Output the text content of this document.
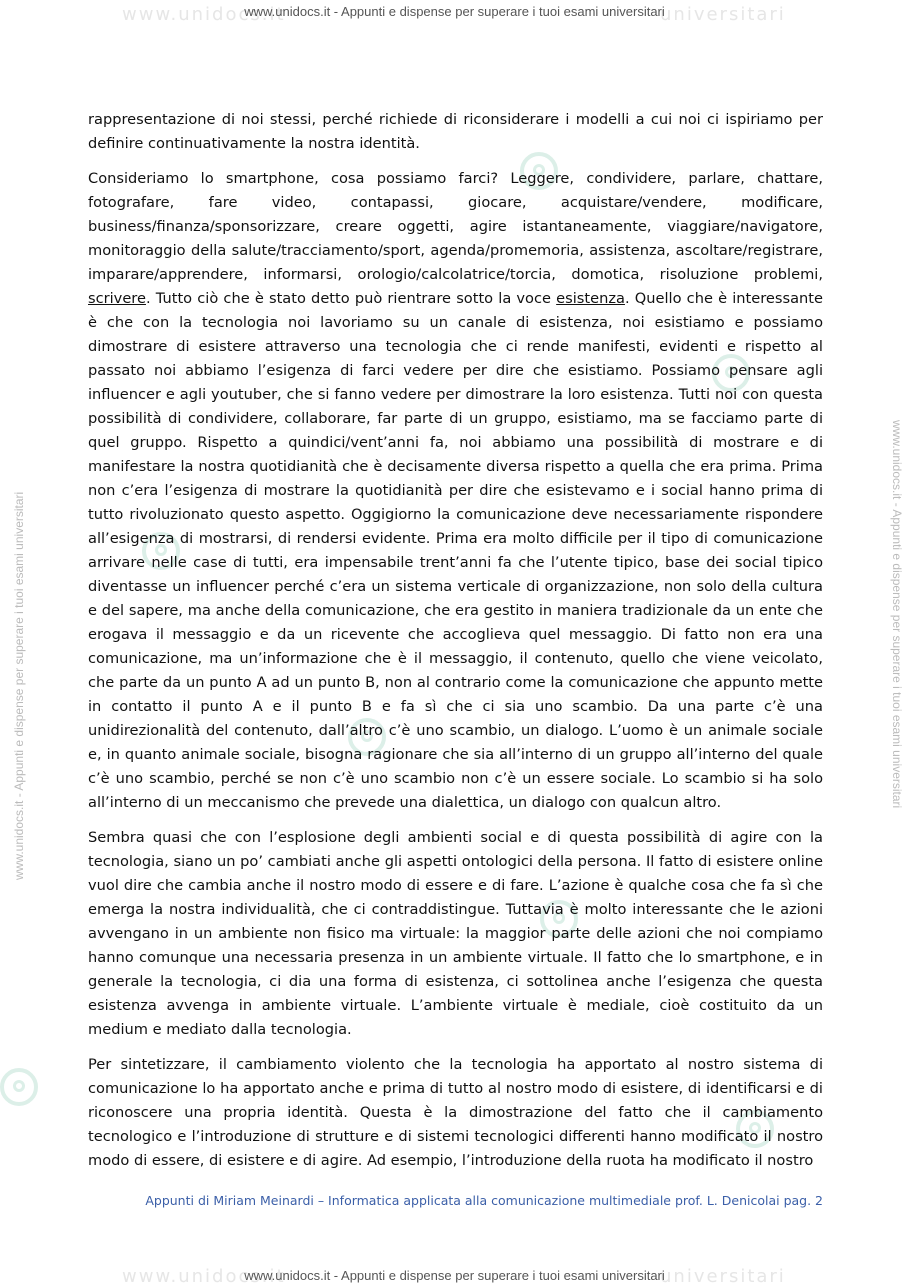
www.unidocs.it	universitari
www.unidocs.it - Appunti e dispense per superare i tuoi esami universitari
www.unidocs.it - Appunti e dispense per superare i tuoi esami universitari	www.unidocs.it - Appunti e dispense per superare i tuoi esami universitari

rappresentazione di noi stessi, perché richiede di riconsiderare i modelli a cui noi ci ispiriamo per definire continuativamente la nostra identità.

Consideriamo lo smartphone, cosa possiamo farci? Leggere, condividere, parlare, chattare, fotografare, fare video, contapassi, giocare, acquistare/vendere, modificare, business/finanza/sponsorizzare, creare oggetti, agire istantaneamente, viaggiare/navigatore, monitoraggio della salute/tracciamento/sport, agenda/promemoria, assistenza, ascoltare/registrare, imparare/apprendere, informarsi, orologio/calcolatrice/torcia, domotica, risoluzione problemi, scrivere. Tutto ciò che è stato detto può rientrare sotto la voce esistenza. Quello che è interessante è che con la tecnologia noi lavoriamo su un canale di esistenza, noi esistiamo e possiamo dimostrare di esistere attraverso una tecnologia che ci rende manifesti, evidenti e rispetto al passato noi abbiamo l’esigenza di farci vedere per dire che esistiamo. Possiamo pensare agli influencer e agli youtuber, che si fanno vedere per dimostrare la loro esistenza. Tutti noi con questa possibilità di condividere, collaborare, far parte di un gruppo, esistiamo, ma se facciamo parte di quel gruppo. Rispetto a quindici/vent’anni fa, noi abbiamo una possibilità di mostrare e di manifestare la nostra quotidianità che è decisamente diversa rispetto a quella che era prima. Prima non c’era l’esigenza di mostrare la quotidianità per dire che esistevamo e i social hanno prima di tutto rivoluzionato questo aspetto. Oggigiorno la comunicazione deve necessariamente rispondere all’esigenza di mostrarsi, di rendersi evidente. Prima era molto difficile per il tipo di comunicazione arrivare nelle case di tutti, era impensabile trent’anni fa che l’utente tipico, base dei social tipico diventasse un influencer perché c’era un sistema verticale di organizzazione, non solo della cultura e del sapere, ma anche della comunicazione, che era gestito in maniera tradizionale da un ente che erogava il messaggio e da un ricevente che accoglieva quel messaggio. Di fatto non era una comunicazione, ma un’informazione che è il messaggio, il contenuto, quello che viene veicolato, che parte da un punto A ad un punto B, non al contrario come la comunicazione che appunto mette in contatto il punto A e il punto B e fa sì che ci sia uno scambio. Da una parte c’è una unidirezionalità del contenuto, dall’altro c’è uno scambio, un dialogo. L’uomo è un animale sociale e, in quanto animale sociale, bisogna ragionare che sia all’interno di un gruppo all’interno del quale c’è uno scambio, perché se non c’è uno scambio non c’è un essere sociale. Lo scambio si ha solo all’interno di un meccanismo che prevede una dialettica, un dialogo con qualcun altro.

Sembra quasi che con l’esplosione degli ambienti social e di questa possibilità di agire con la tecnologia, siano un po’ cambiati anche gli aspetti ontologici della persona. Il fatto di esistere online vuol dire che cambia anche il nostro modo di essere e di fare. L’azione è qualche cosa che fa sì che emerga la nostra individualità, che ci contraddistingue. Tuttavia è molto interessante che le azioni avvengano in un ambiente non fisico ma virtuale: la maggior parte delle azioni che noi compiamo hanno comunque una necessaria presenza in un ambiente virtuale. Il fatto che lo smartphone, e in generale la tecnologia, ci dia una forma di esistenza, ci sottolinea anche l’esigenza che questa esistenza avvenga in ambiente virtuale. L’ambiente virtuale è mediale, cioè costituito da un medium e mediato dalla tecnologia.

Per sintetizzare, il cambiamento violento che la tecnologia ha apportato al nostro sistema di comunicazione lo ha apportato anche e prima di tutto al nostro modo di esistere, di identificarsi e di riconoscere una propria identità. Questa è la dimostrazione del fatto che il cambiamento tecnologico e l’introduzione di strutture e di sistemi tecnologici differenti hanno modificato il nostro modo di essere, di esistere e di agire. Ad esempio, l’introduzione della ruota ha modificato il nostro

Appunti di Miriam Meinardi – Informatica applicata alla comunicazione multimediale prof. L. Denicolai pag. 2
www.unidocs.it	universitari
www.unidocs.it - Appunti e dispense per superare i tuoi esami universitari
